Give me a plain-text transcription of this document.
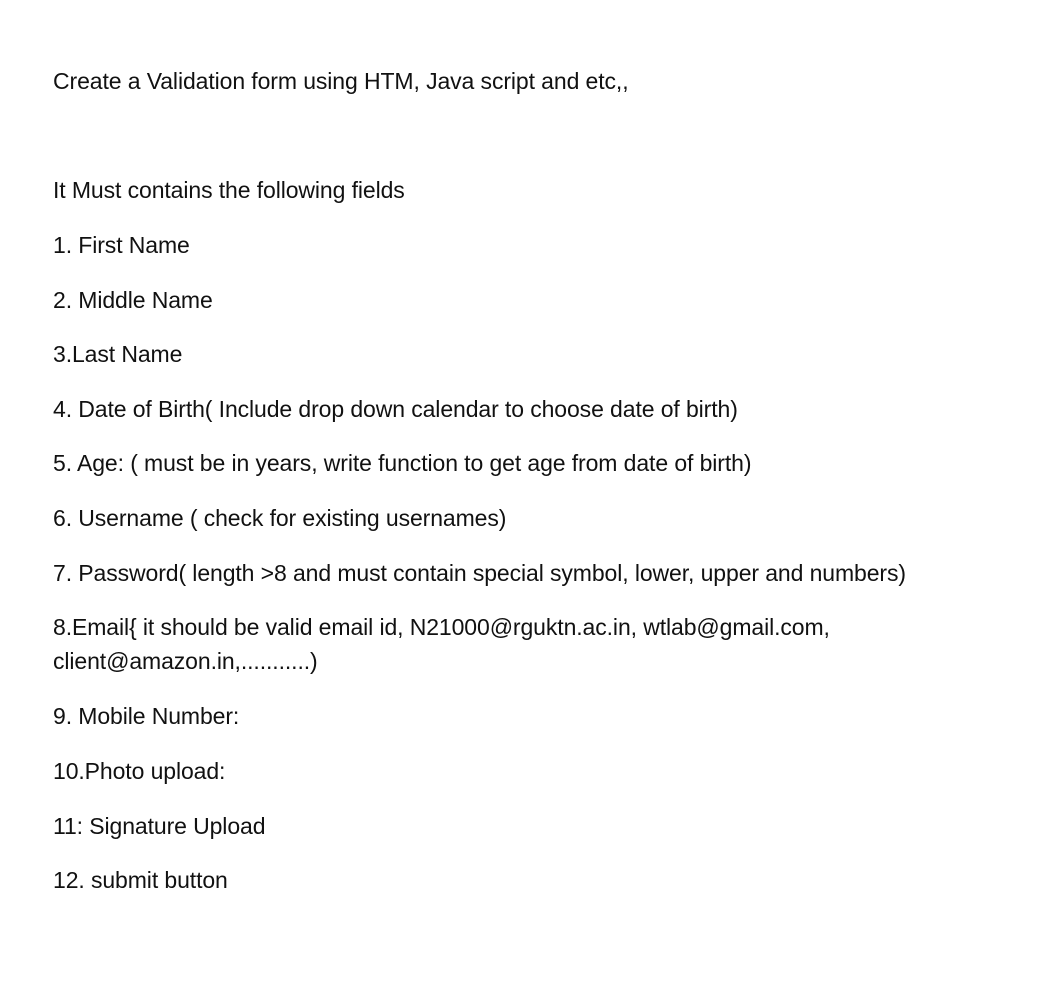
Create a Validation form using HTM, Java script and etc,,
It Must contains the following fields
1. First Name
2. Middle Name
3.Last Name
4. Date of Birth( Include drop down calendar to choose date of birth)
5. Age: ( must be in years, write function to get age from date of birth)
6. Username ( check for existing usernames)
7. Password( length >8 and must contain special symbol, lower, upper and numbers)
8.Email{ it should be valid email id, N21000@rguktn.ac.in, wtlab@gmail.com, client@amazon.in,...........)
9. Mobile Number:
10.Photo upload:
11: Signature Upload
12. submit button
